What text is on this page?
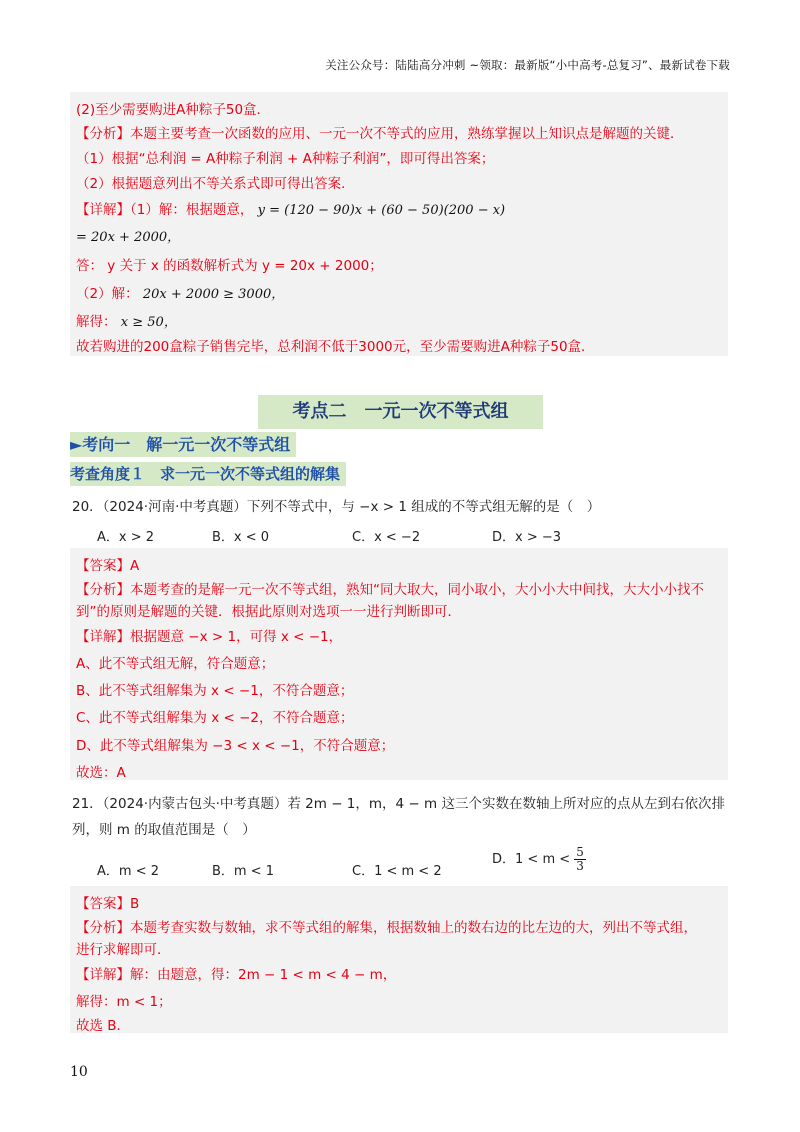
关注公众号：陆陆高分冲刺 ~领取：最新版“小中高考-总复习”、最新试卷下载
(2)至少需要购进A种粽子50盒．
【分析】本题主要考查一次函数的应用、一元一次不等式的应用，熟练掌握以上知识点是解题的关键．
（1）根据“总利润 = A种粽子利润 + A种粽子利润”，即可得出答案；
（2）根据题意列出不等关系式即可得出答案．
【详解】（1）解：根据题意， y = (120 − 90)x + (60 − 50)(200 − x)
= 20x + 2000，
答： y 关于 x 的函数解析式为 y = 20x + 2000；
（2）解： 20x + 2000 ≥ 3000，
解得： x ≥ 50，
故若购进的200盒粽子销售完毕，总利润不低于3000元，至少需要购进A种粽子50盒．
考点二　一元一次不等式组
►考向一　解一元一次不等式组
考查角度１　求一元一次不等式组的解集
20．（2024·河南·中考真题）下列不等式中，与 −x > 1 组成的不等式组无解的是（　）
A．x > 2	B．x < 0	C．x < −2	D．x > −3
【答案】A
【分析】本题考查的是解一元一次不等式组，熟知“同大取大，同小取小，大小小大中间找，大大小小找不
到”的原则是解题的关键．根据此原则对选项一一进行判断即可．
【详解】根据题意 −x > 1，可得 x < −1，
A、此不等式组无解，符合题意；
B、此不等式组解集为 x < −1，不符合题意；
C、此不等式组解集为 x < −2，不符合题意；
D、此不等式组解集为 −3 < x < −1，不符合题意；
故选：A
21．（2024·内蒙古包头·中考真题）若 2m − 1，m，4 − m 这三个实数在数轴上所对应的点从左到右依次排
列，则 m 的取值范围是（　）
A．m < 2	B．m < 1	C．1 < m < 2
D．$1 < m < \frac{5}{3}$
【答案】B
【分析】本题考查实数与数轴，求不等式组的解集，根据数轴上的数右边的比左边的大，列出不等式组，
进行求解即可．
【详解】解：由题意，得：2m − 1 < m < 4 − m，
解得：m < 1；
故选 B．
10
